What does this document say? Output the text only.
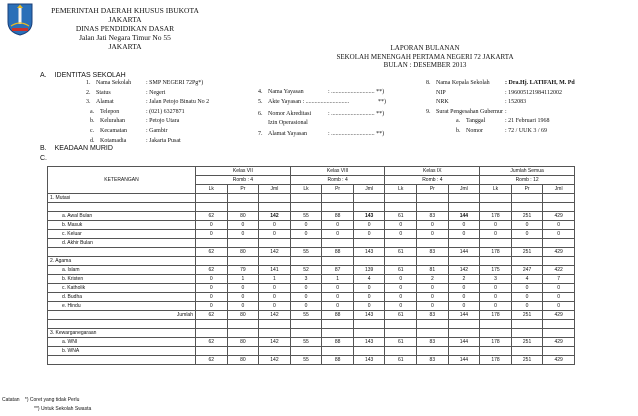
PEMERINTAH DAERAH KHUSUS IBUKOTA
JAKARTA
DINAS PENDIDIKAN DASAR
Jalan Jati Negara Timur No 55
JAKARTA	LAPORAN BULANAN
SEKOLAH MENENGAH PERTAMA NEGERI 72 JAKARTA
BULAN : DESEMBER 2013
A. IDENTITAS SEKOLAH
1. Nama Sekolah : SMP NEGERI 72Pg*)
2. Status	: Negeri
3. Alamat	: Jalan Petojo Binatu No 2
a. Telepon	: (021) 6327871
b. Kelurahan	: Petojo Utara
c. Kecamatan	: Gambir
d. Kotamadia	: Jakarta Pusat
4. Nama Yayasan	: ............................. **)
5. Akte Yayasan : .............................	**)
6. Nomor Akreditasi	: ............................. **)
Izin Operasional
7. Alamat Yayasan	: ............................. **)
8. Nama Kepala Sekolah	: Dra.Hj. LATIFAH, M. Pd
NIP	: 196005121984112002
NRK	: 152083
9. Surat Pengesahan Gubernur :
a. Tanggal	: 21 Februari 1968
b. Nomor	: 72 / UUK 3 / 69
B. KEADAAN MURID
C.
KETERANGAN	Kelas VII			Kelas VIII			Kelas IX			Jumlah Semua		
	Romb : 4			Romb : 4			Romb : 4			Romb : 12		
	Lk	Pr	Jml	Lk	Pr	Jml	Lk	Pr	Jml	Lk	Pr	Jml
1. Mutasi												

a. Awal Bulan	62	80	142	55	88	143	61	83	144	178	251	429
b. Masuk	0	0	0	0	0	0	0	0	0	0	0	0
c. Keluar	0	0	0	0	0	0	0	0	0	0	0	0
d. Akhir Bulan												
	62	80	142	55	88	143	61	83	144	178	251	429
2. Agama												
a. Islam	62	79	141	52	87	139	61	81	142	175	247	422
b. Kristen	0	1	1	3	1	4	0	2	2	3	4	7
c. Katholik	0	0	0	0	0	0	0	0	0	0	0	0
d. Budha	0	0	0	0	0	0	0	0	0	0	0	0
e. Hindu	0	0	0	0	0	0	0	0	0	0	0	0
Jumlah	62	80	142	55	88	143	61	83	144	178	251	429

3. Kewarganegaraan												
a. WNI	62	80	142	55	88	143	61	83	144	178	251	429
b. WNA												
	62	80	142	55	88	143	61	83	144	178	251	429
Catatan *) Coret yang tidak Perlu
**) Untuk Sekolah Swasta
